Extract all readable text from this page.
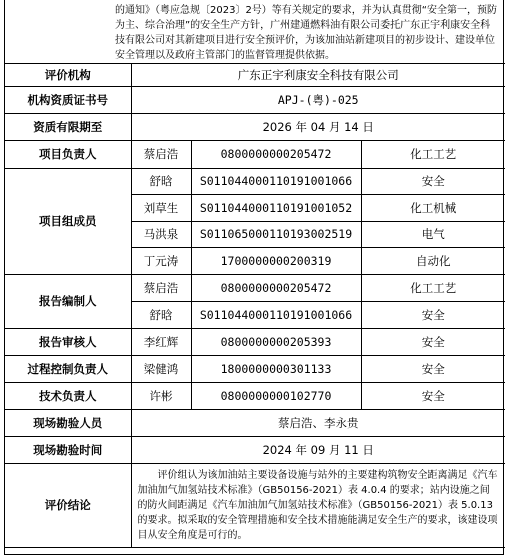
的通知》（粤应急规〔2023〕2号）等有关规定的要求，并为认真贯彻“安全第一，预防为主、综合治理”的安全生产方针，广州建通燃料油有限公司委托广东正宇利康安全科技有限公司对其新建项目进行安全预评价，为该加油站新建项目的初步设计、建设单位安全管理以及政府主管部门的监督管理提供依据。
评价机构	广东正宇利康安全科技有限公司		
机构资质证书号	APJ-(粤)-025		
资质有限期至	2026 年 04 月 14 日		
项目负责人	蔡启浩	0800000000205472	化工工艺
项目组成员	舒晗	S011044000110191001066	安全
	刘草生	S011044000110191001052	化工机械
	马洪泉	S011065000110193002519	电气
	丁元涛	1700000000200319	自动化
报告编制人	蔡启浩	0800000000205472	化工工艺
	舒晗	S011044000110191001066	安全
报告审核人	李红辉	0800000000205393	安全
过程控制负责人	梁健鸿	1800000000301133	安全
技术负责人	许彬	0800000000102770	安全
现场勘验人员	蔡启浩、李永贵		
现场勘验时间	2024 年 09 月 11 日		
评价结论	评价组认为该加油站主要设备设施与站外的主要建构筑物安全距离满足《汽车加油加气加氢站技术标准》（GB50156-2021）表 4.0.4 的要求；站内设施之间的防火间距满足《汽车加油加气加氢站技术标准》（GB50156-2021）表 5.0.13 的要求。拟采取的安全管理措施和安全技术措施能满足安全生产的要求，该建设项目从安全角度是可行的。		
